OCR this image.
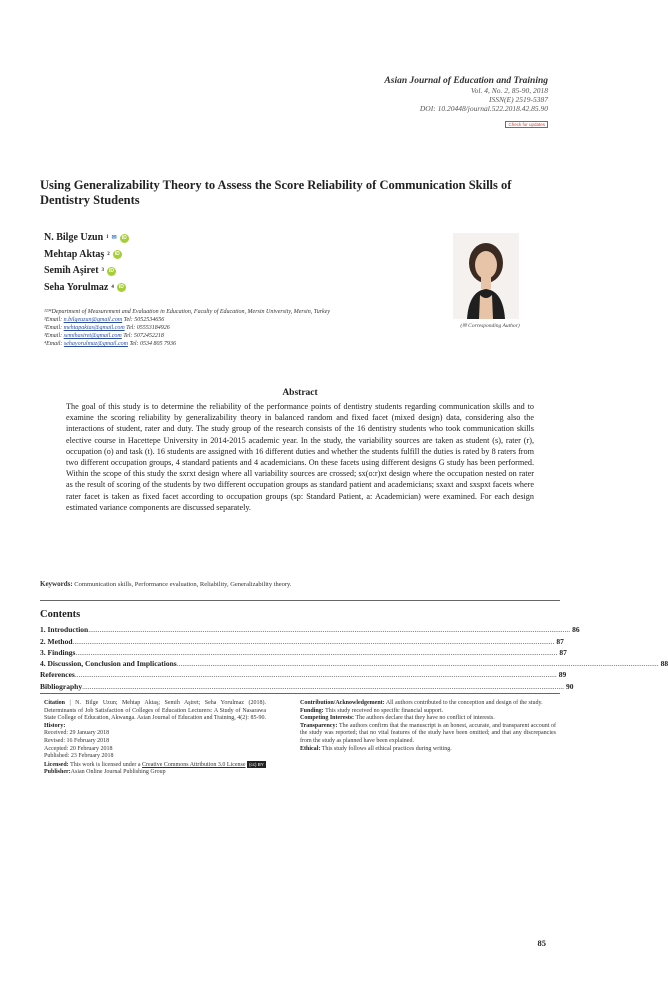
Asian Journal of Education and Training
Vol. 4, No. 2, 85-90, 2018
ISSN(E) 2519-5387
DOI: 10.20448/journal.522.2018.42.85.90
Check for updates
Using Generalizability Theory to Assess the Score Reliability of Communication Skills of Dentistry Students
N. Bilge Uzun 1 ✉	iD
Mehtap Aktaş 2	iD
Semih Aşiret 3	iD
Seha Yorulmaz 4	iD
(✉ Corresponding Author)
¹²³⁴Department of Measurement and Evaluation in Education, Faculty of Education, Mersin University, Mersin, Turkey
¹Email: n.bilgeuzun@gmail.com Tel: 5052534656
²Email: mehtapaktas@gmail.com Tel: 05553184926
³Email: semihasiret@gmail.com Tel: 5072452218
⁴Email: sehayorulmaz@gmail.com Tel: 0534 805 7936
Abstract
The goal of this study is to determine the reliability of the performance points of dentistry students regarding communication skills and to examine the scoring reliability by generalizability theory in balanced random and fixed facet (mixed design) data, considering also the interactions of student, rater and duty. The study group of the research consists of the 16 dentistry students who took communication skills elective course in Hacettepe University in 2014-2015 academic year. In the study, the variability sources are taken as student (s), rater (r), occupation (o) and task (t). 16 students are assigned with 16 different duties and whether the students fulfill the duties is rated by 8 raters from two different occupation groups, 4 standard patients and 4 academicians. On these facets using different designs G study has been performed. Within the scope of this study the sxrxt design where all variability sources are crossed; sx(o:r)xt design where the occupation nested on rater as the result of scoring of the students by two different occupation groups as standard patient and academicians; sxaxt and sxspxt facets where rater facet is taken as fixed facet according to occupation groups (sp: Standard Patient, a: Academician) were examined. For each design estimated variance components are discussed separately.
Keywords: Communication skills, Performance evaluation, Reliability, Generalizability theory.
Contents
1. Introduction ................................................................................................................................................................................................................................................................. 86
2. Method ................................................................................................................................................................................................................................................................. 87
3. Findings ................................................................................................................................................................................................................................................................. 87
4. Discussion, Conclusion and Implications ................................................................................................................................................................................................................................................................. 88
References ................................................................................................................................................................................................................................................................. 89
Bibliography ................................................................................................................................................................................................................................................................. 90
Citation | N. Bilge Uzun; Mehtap Aktaş; Semih Aşiret; Seha Yorulmaz (2018). Determinants of Job Satisfaction of Colleges of Education Lecturers: A Study of Nasarawa State College of Education, Akwanga. Asian Journal of Education and Training, 4(2): 85-90.
History:
Received: 29 January 2018
Revised: 16 February 2018
Accepted: 20 February 2018
Published: 23 February 2018
Licensed: This work is licensed under a Creative Commons Attribution 3.0 License (cc) BY
Publisher:Asian Online Journal Publishing Group
Contribution/Acknowledgement: All authors contributed to the conception and design of the study.
Funding: This study received no specific financial support.
Competing Interests: The authors declare that they have no conflict of interests.
Transparency: The authors confirm that the manuscript is an honest, accurate, and transparent account of the study was reported; that no vital features of the study have been omitted; and that any discrepancies from the study as planned have been explained.
Ethical: This study follows all ethical practices during writing.
85
